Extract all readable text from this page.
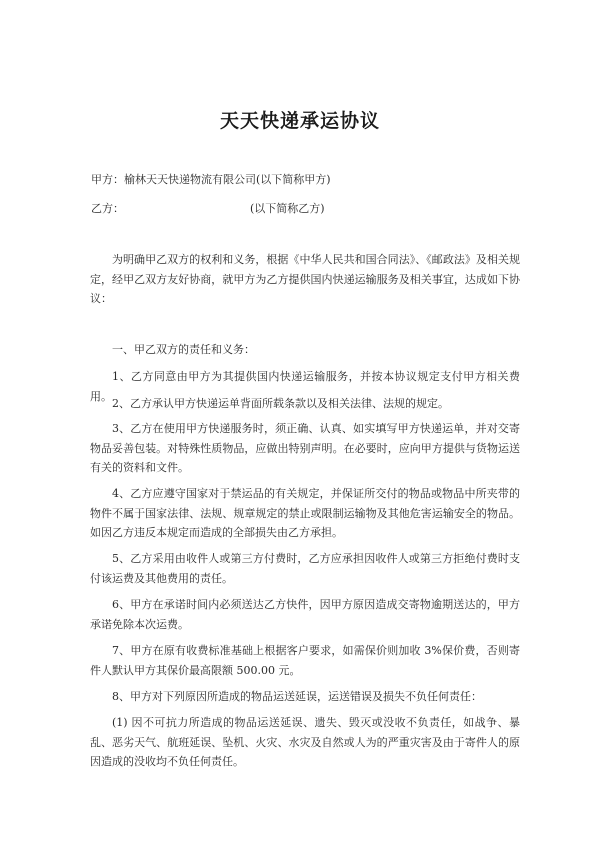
天天快递承运协议
甲方：榆林天天快递物流有限公司(以下简称甲方)
乙方：	(以下简称乙方)

为明确甲乙双方的权利和义务，根据《中华人民共和国合同法》、《邮政法》及相关规定，经甲乙双方友好协商，就甲方为乙方提供国内快递运输服务及相关事宜，达成如下协议：

一、甲乙双方的责任和义务：

1、乙方同意由甲方为其提供国内快递运输服务，并按本协议规定支付甲方相关费用。

2、乙方承认甲方快递运单背面所载条款以及相关法律、法规的规定。

3、乙方在使用甲方快递服务时，须正确、认真、如实填写甲方快递运单，并对交寄物品妥善包装。对特殊性质物品，应做出特别声明。在必要时，应向甲方提供与货物运送有关的资料和文件。

4、乙方应遵守国家对于禁运品的有关规定，并保证所交付的物品或物品中所夹带的物件不属于国家法律、法规、规章规定的禁止或限制运输物及其他危害运输安全的物品。如因乙方违反本规定而造成的全部损失由乙方承担。

5、乙方采用由收件人或第三方付费时，乙方应承担因收件人或第三方拒绝付费时支付该运费及其他费用的责任。

6、甲方在承诺时间内必须送达乙方快件，因甲方原因造成交寄物逾期送达的，甲方承诺免除本次运费。

7、甲方在原有收费标准基础上根据客户要求，如需保价则加收 3%保价费，否则寄件人默认甲方其保价最高限额 500.00 元。

8、甲方对下列原因所造成的物品运送延误，运送错误及损失不负任何责任：

(1) 因不可抗力所造成的物品运送延误、遗失、毁灭或没收不负责任，如战争、暴乱、恶劣天气、航班延误、坠机、火灾、水灾及自然或人为的严重灾害及由于寄件人的原因造成的没收均不负任何责任。
